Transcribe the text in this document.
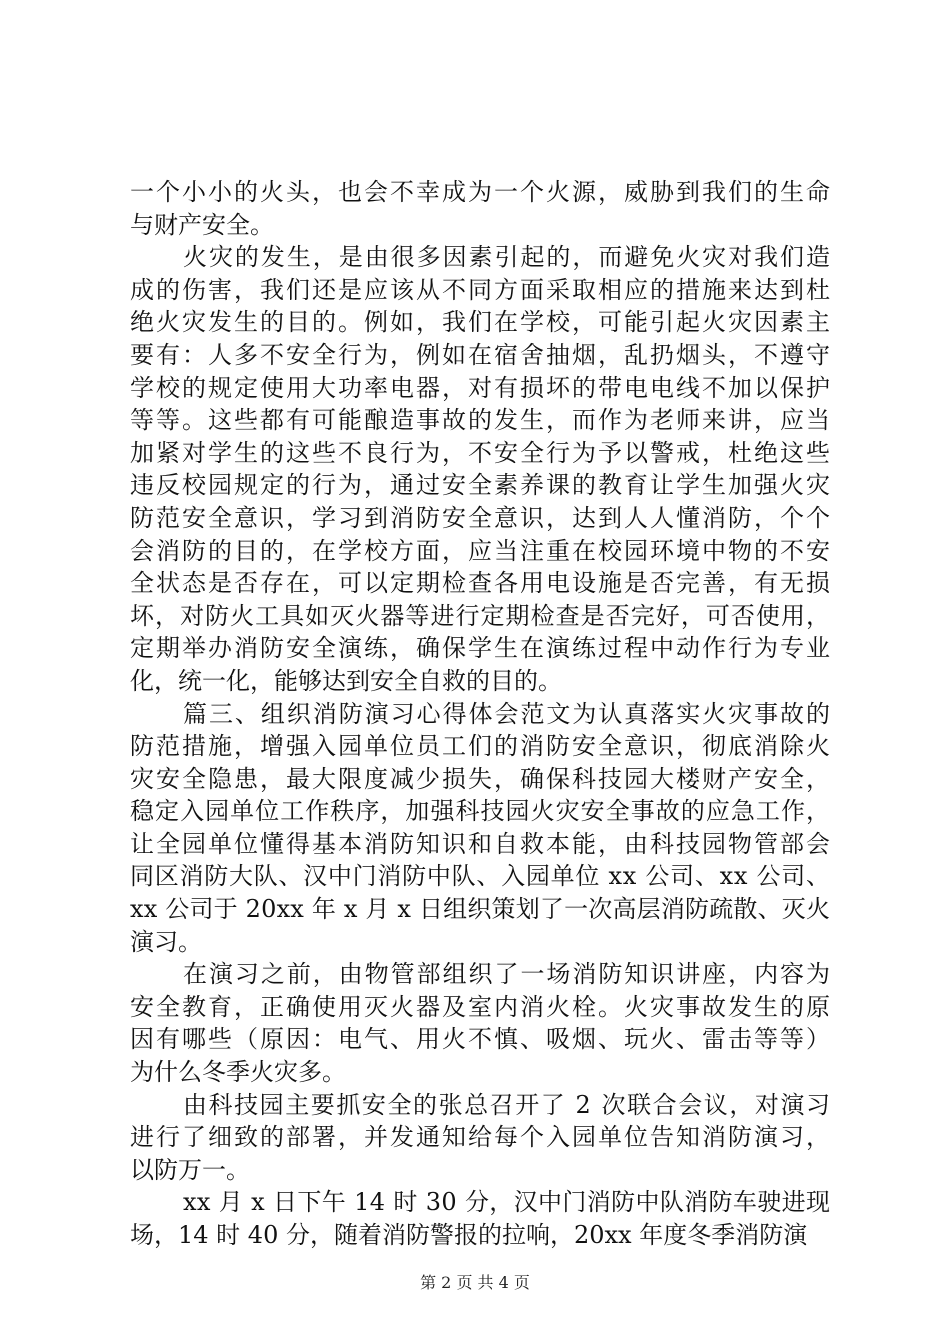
一个小小的火头，也会不幸成为一个火源，威胁到我们的生命
与财产安全。
火灾的发生，是由很多因素引起的，而避免火灾对我们造
成的伤害，我们还是应该从不同方面采取相应的措施来达到杜
绝火灾发生的目的。例如，我们在学校，可能引起火灾因素主
要有：人多不安全行为，例如在宿舍抽烟，乱扔烟头，不遵守
学校的规定使用大功率电器，对有损坏的带电电线不加以保护
等等。这些都有可能酿造事故的发生，而作为老师来讲，应当
加紧对学生的这些不良行为，不安全行为予以警戒，杜绝这些
违反校园规定的行为，通过安全素养课的教育让学生加强火灾
防范安全意识，学习到消防安全意识，达到人人懂消防，个个
会消防的目的，在学校方面，应当注重在校园环境中物的不安
全状态是否存在，可以定期检查各用电设施是否完善，有无损
坏，对防火工具如灭火器等进行定期检查是否完好，可否使用，
定期举办消防安全演练，确保学生在演练过程中动作行为专业
化，统一化，能够达到安全自救的目的。
篇三、组织消防演习心得体会范文为认真落实火灾事故的
防范措施，增强入园单位员工们的消防安全意识，彻底消除火
灾安全隐患，最大限度减少损失，确保科技园大楼财产安全，
稳定入园单位工作秩序，加强科技园火灾安全事故的应急工作，
让全园单位懂得基本消防知识和自救本能，由科技园物管部会
同区消防大队、汉中门消防中队、入园单位 xx 公司、xx 公司、
xx 公司于 20xx 年 x 月 x 日组织策划了一次高层消防疏散、灭火
演习。
在演习之前，由物管部组织了一场消防知识讲座，内容为
安全教育，正确使用灭火器及室内消火栓。火灾事故发生的原
因有哪些（原因：电气、用火不慎、吸烟、玩火、雷击等等）
为什么冬季火灾多。
由科技园主要抓安全的张总召开了 2 次联合会议，对演习
进行了细致的部署，并发通知给每个入园单位告知消防演习，
以防万一。
xx 月 x 日下午 14 时 30 分，汉中门消防中队消防车驶进现
场，14 时 40 分，随着消防警报的拉响，20xx 年度冬季消防演
第 2 页 共 4 页
